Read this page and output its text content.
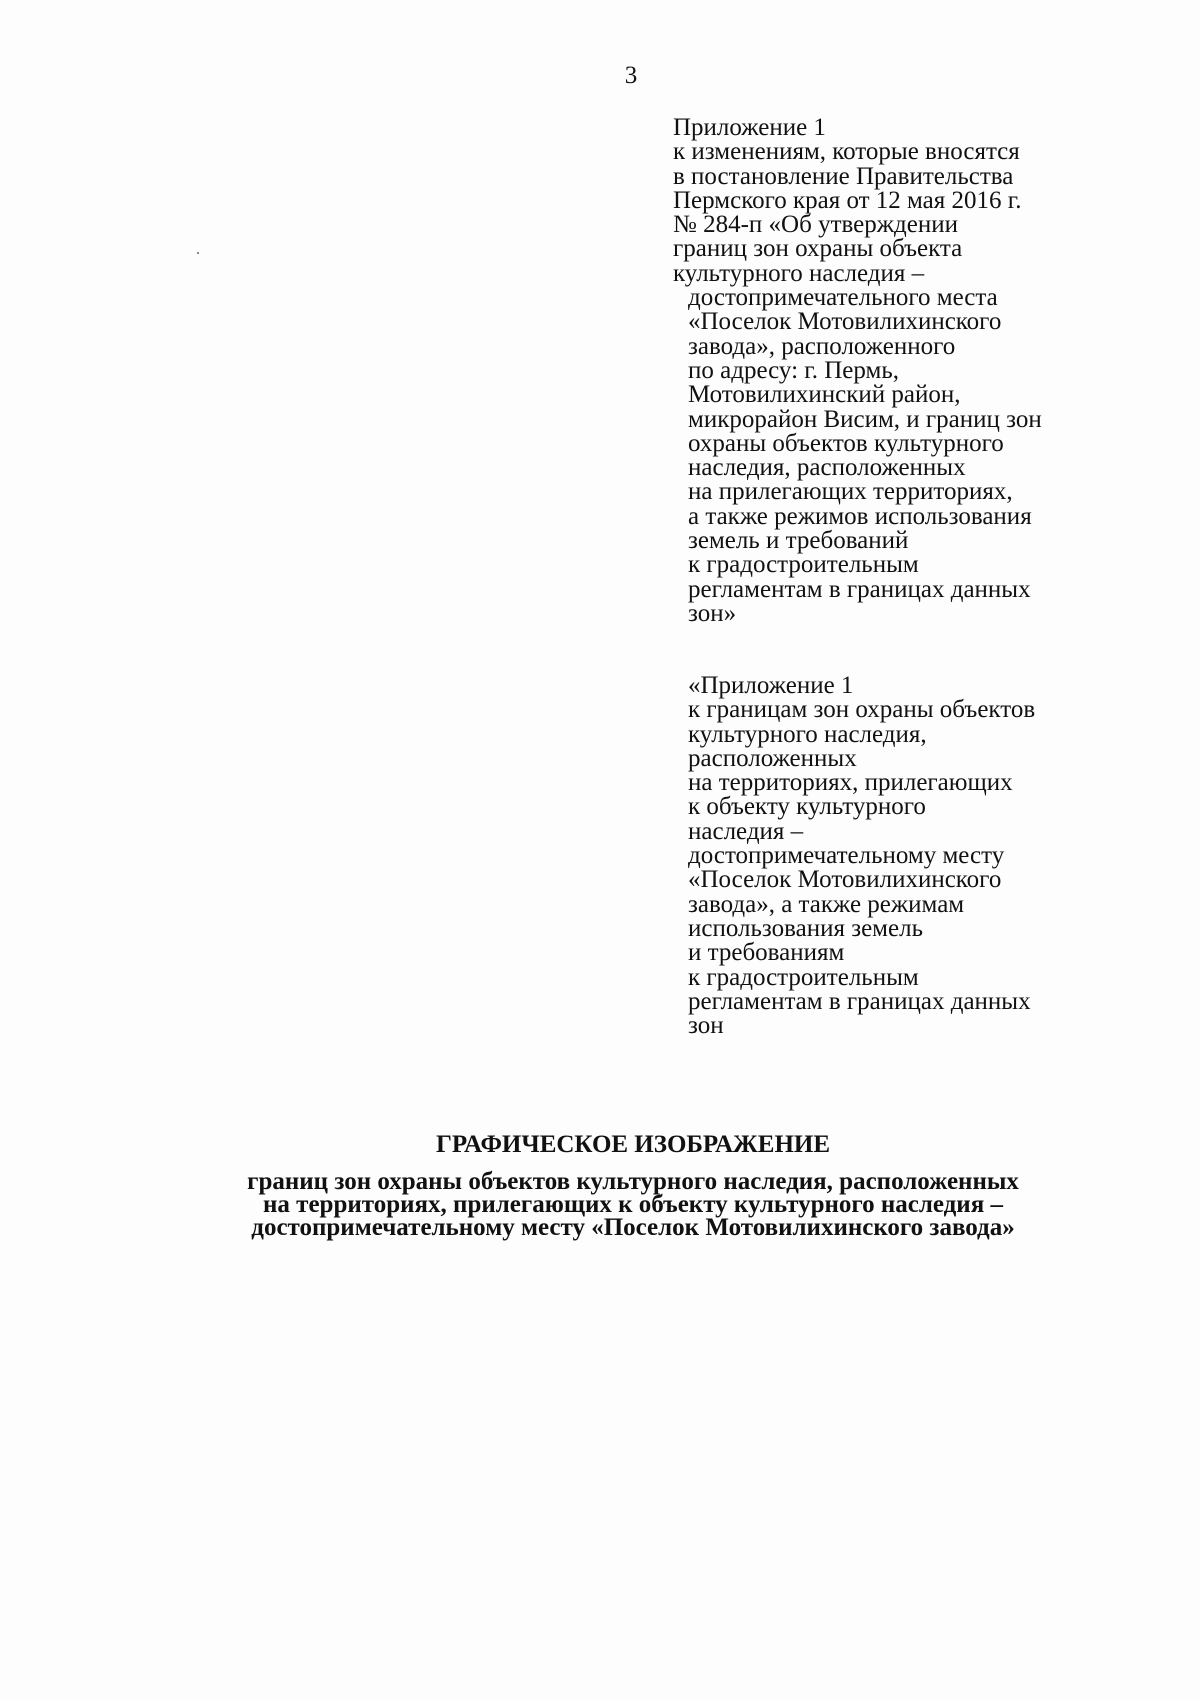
3
Приложение 1
к изменениям, которые вносятся
в постановление Правительства
Пермского края от 12 мая 2016 г.
№ 284-п «Об утверждении
границ зон охраны объекта
культурного наследия –
достопримечательного места
«Поселок Мотовилихинского
завода», расположенного
по адресу: г. Пермь,
Мотовилихинский район,
микрорайон Висим, и границ зон
охраны объектов культурного
наследия, расположенных
на прилегающих территориях,
а также режимов использования
земель и требований
к градостроительным
регламентам в границах данных
зон»
«Приложение 1
к границам зон охраны объектов
культурного наследия,
расположенных
на территориях, прилегающих
к объекту культурного
наследия –
достопримечательному месту
«Поселок Мотовилихинского
завода», а также режимам
использования земель
и требованиям
к градостроительным
регламентам в границах данных
зон
ГРАФИЧЕСКОЕ ИЗОБРАЖЕНИЕ
границ зон охраны объектов культурного наследия, расположенных
на территориях, прилегающих к объекту культурного наследия –
достопримечательному месту «Поселок Мотовилихинского завода»
